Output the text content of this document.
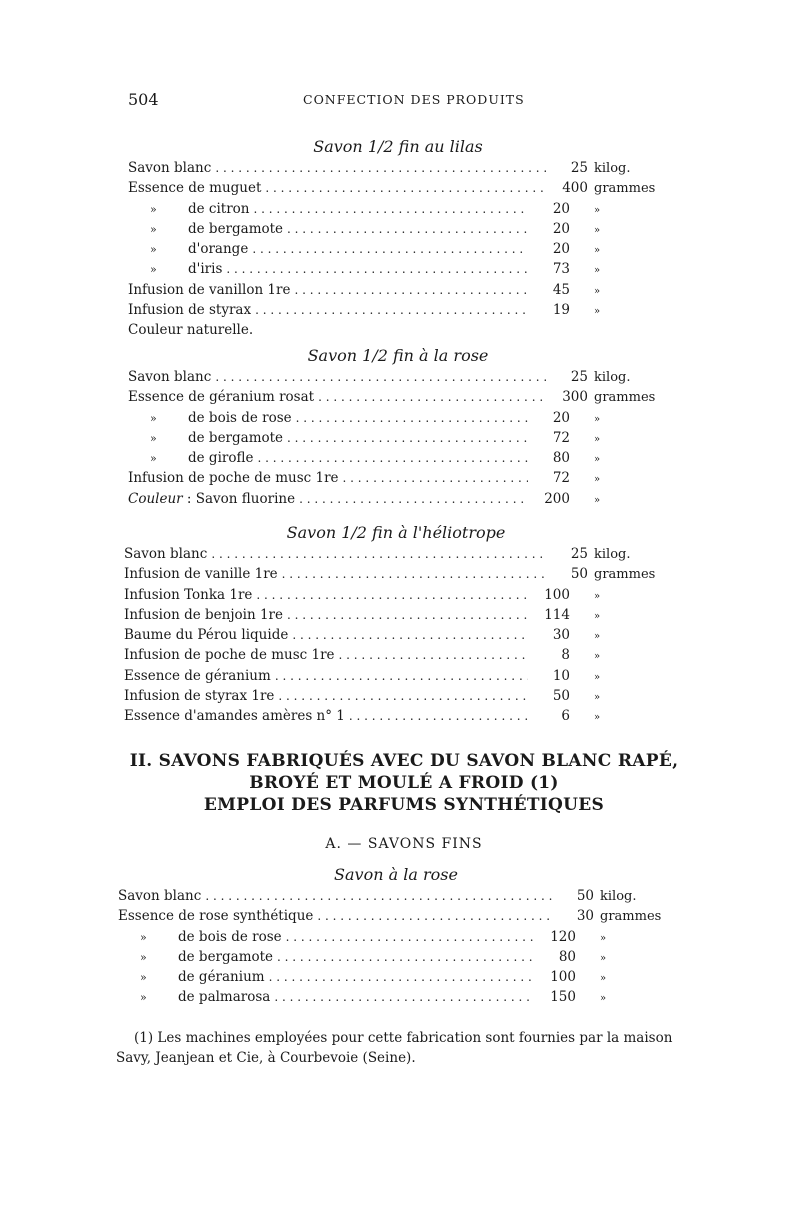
504	CONFECTION DES PRODUITS
Savon 1/2 fin au lilas
Savon blanc . . .	25 kilog.
Essence de muguet . . .	400 grammes
» de citron . . .	20	»
» de bergamote . . .	20	»
» d'orange . . .	20	»
» d'iris . . .	73	»
Infusion de vanillon 1re . . .	45	»
Infusion de styrax . . .	19	»
Couleur naturelle.
Savon 1/2 fin à la rose
Savon blanc . . .	25 kilog.
Essence de géranium rosat . . .	300 grammes
» de bois de rose . . .	20	»
» de bergamote . . .	72	»
» de girofle . . .	80	»
Infusion de poche de musc 1re . . .	72	»
Couleur : Savon fluorine . . .	200	»
Savon 1/2 fin à l'héliotrope
Savon blanc . . .	25 kilog.
Infusion de vanille 1re . . .	50 grammes
Infusion Tonka 1re . . .	100	»
Infusion de benjoin 1re . . .	114	»
Baume du Pérou liquide . . .	30	»
Infusion de poche de musc 1re . . .	8	»
Essence de géranium . . .	10	»
Infusion de styrax 1re . . .	50	»
Essence d'amandes amères n° 1 . . .	6	»
II. SAVONS FABRIQUÉS AVEC DU SAVON BLANC RAPÉ,
BROYÉ ET MOULÉ A FROID (1)
EMPLOI DES PARFUMS SYNTHÉTIQUES
A. — SAVONS FINS
Savon à la rose
Savon blanc . . .	50 kilog.
Essence de rose synthétique . . .	30 grammes
» de bois de rose . . .	120	»
» de bergamote . . .	80	»
» de géranium . . .	100	»
» de palmarosa . . .	150	»
(1) Les machines employées pour cette fabrication sont fournies par la maison Savy, Jeanjean et Cie, à Courbevoie (Seine).
